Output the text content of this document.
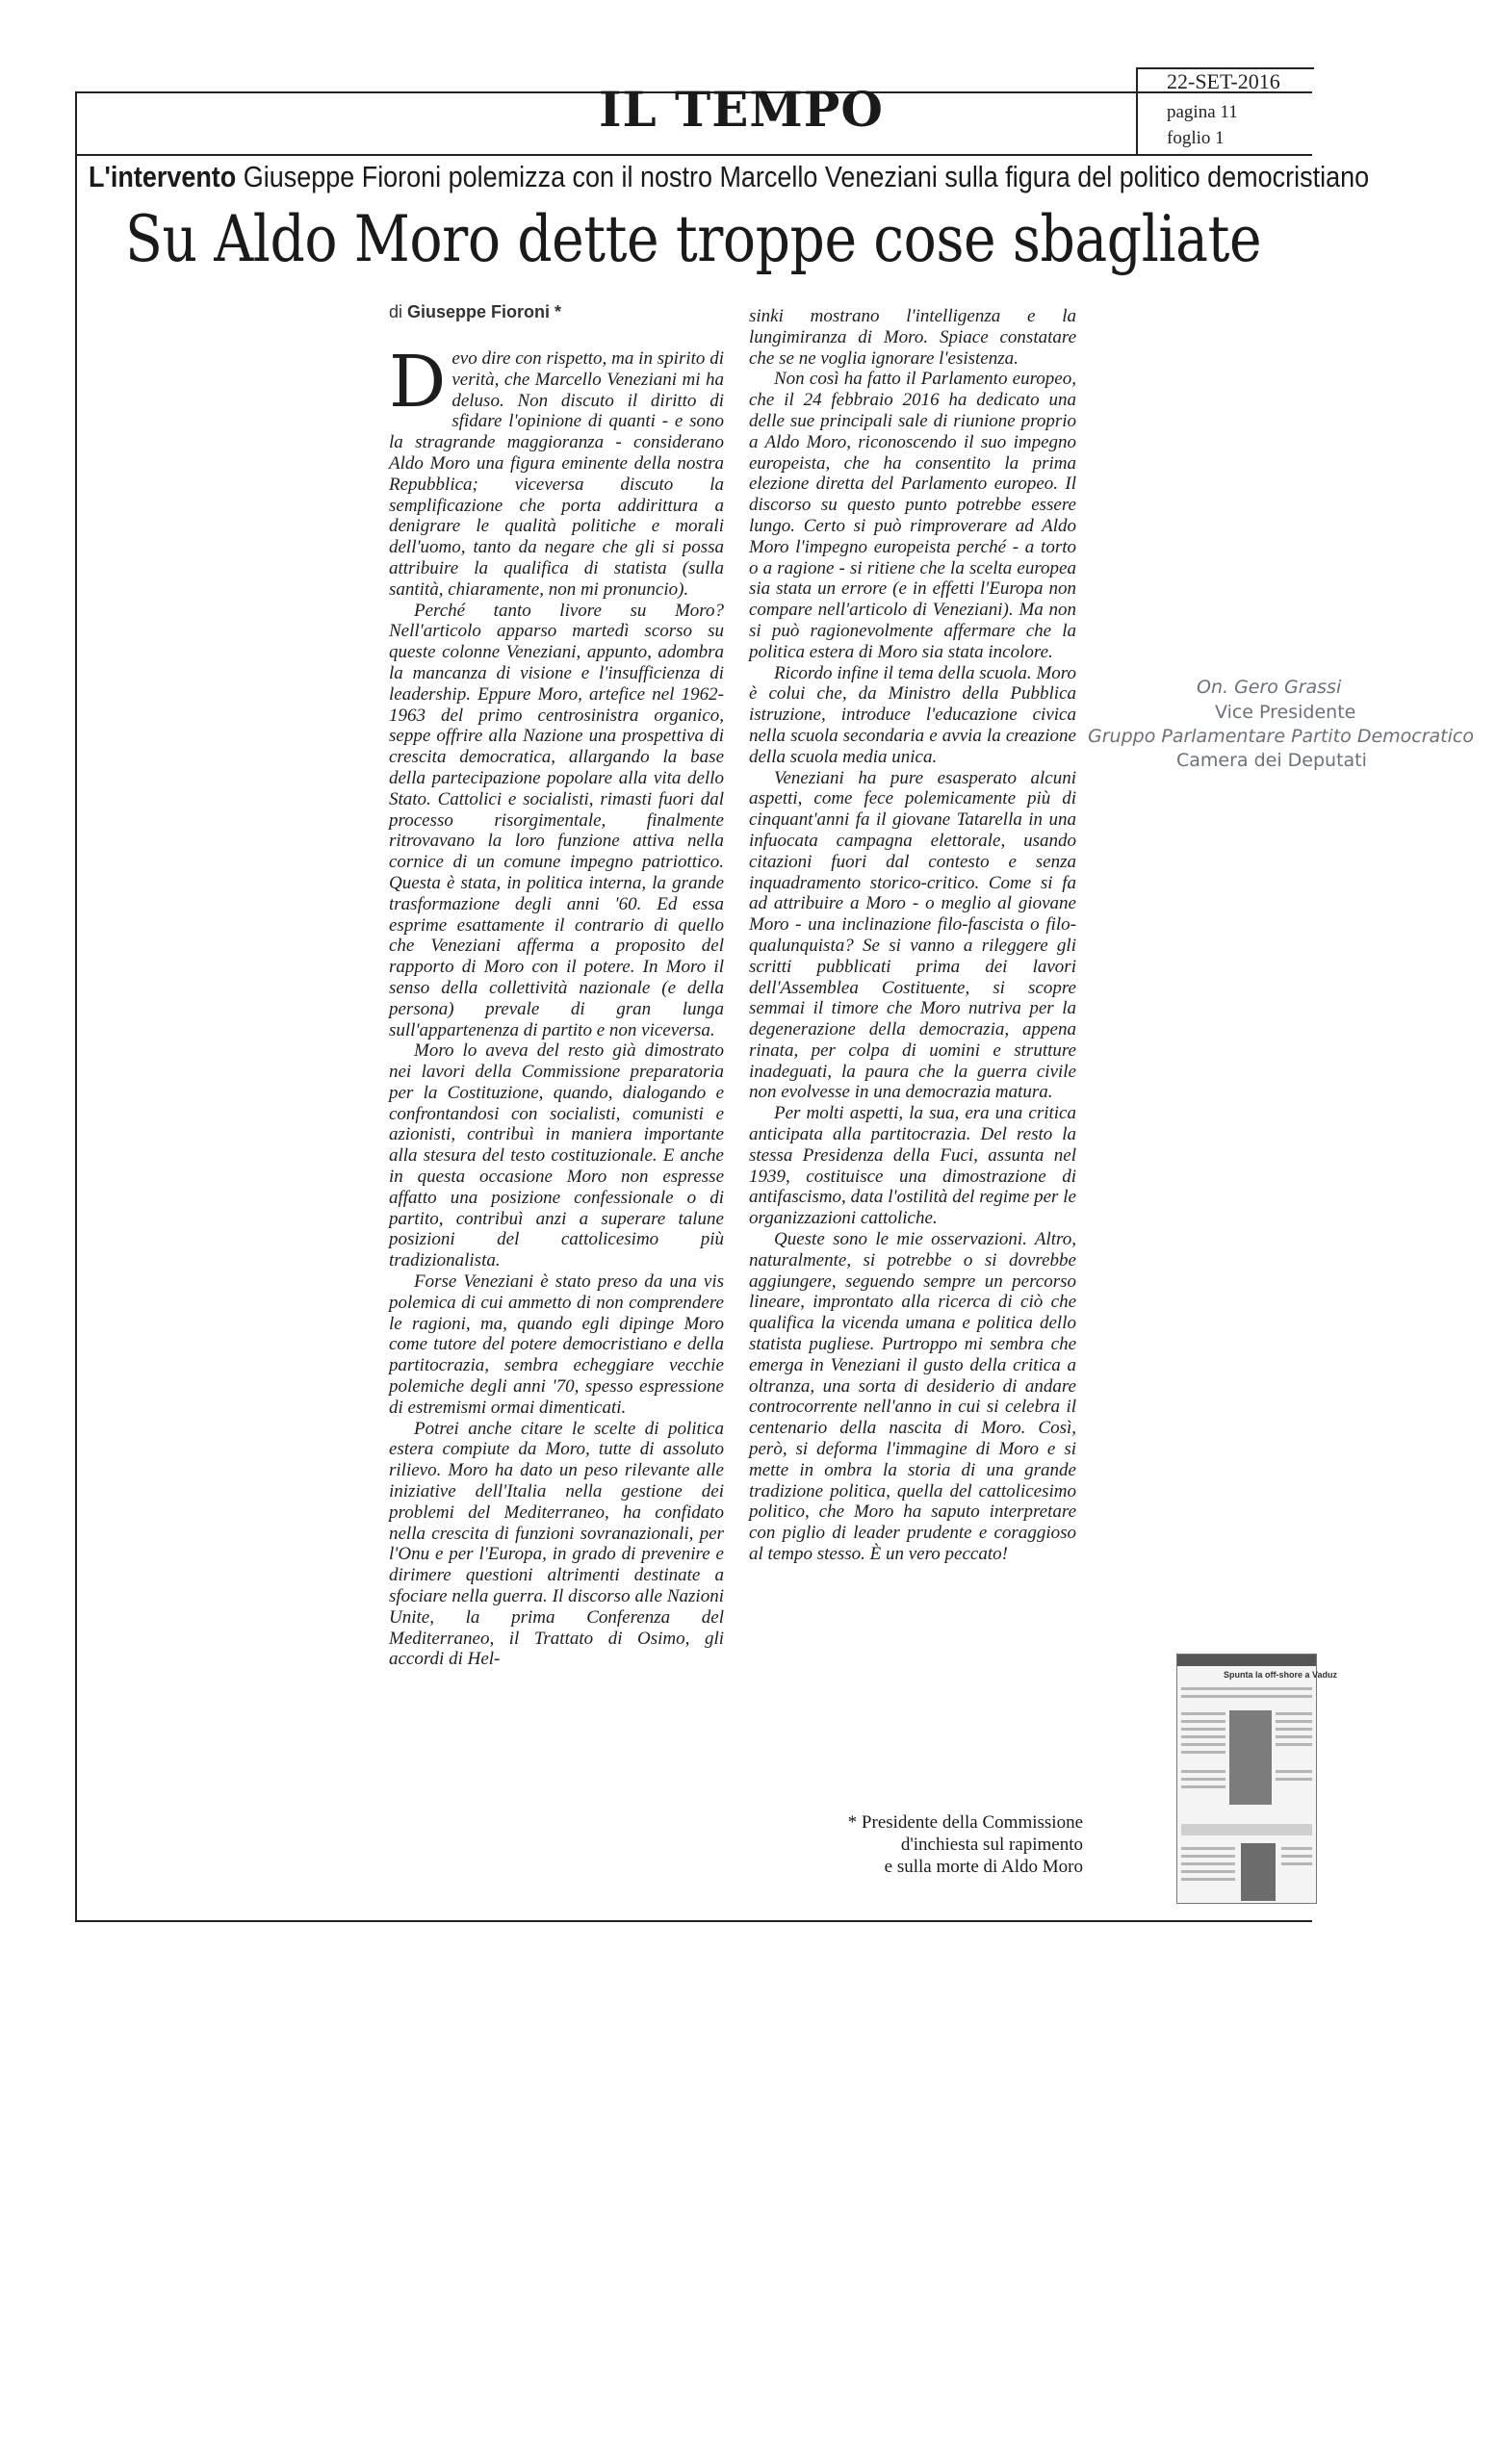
IL TEMPO	22-SET-2016
pagina 11
foglio 1
L'intervento Giuseppe Fioroni polemizza con il nostro Marcello Veneziani sulla figura del politico democristiano
Su Aldo Moro dette troppe cose sbagliate
di Giuseppe Fioroni *

Devo dire con rispetto, ma in spirito di verità, che Marcello Veneziani mi ha deluso. Non discuto il diritto di sfidare l'opinione di quanti - e sono la stragrande maggioranza - considerano Aldo Moro una figura eminente della nostra Repubblica; viceversa discuto la semplificazione che porta addirittura a denigrare le qualità politiche e morali dell'uomo, tanto da negare che gli si possa attribuire la qualifica di statista (sulla santità, chiaramente, non mi pronuncio).

Perché tanto livore su Moro? Nell'articolo apparso martedì scorso su queste colonne Veneziani, appunto, adombra la mancanza di visione e l'insufficienza di leadership. Eppure Moro, artefice nel 1962-1963 del primo centrosinistra organico, seppe offrire alla Nazione una prospettiva di crescita democratica, allargando la base della partecipazione popolare alla vita dello Stato. Cattolici e socialisti, rimasti fuori dal processo risorgimentale, finalmente ritrovavano la loro funzione attiva nella cornice di un comune impegno patriottico. Questa è stata, in politica interna, la grande trasformazione degli anni '60. Ed essa esprime esattamente il contrario di quello che Veneziani afferma a proposito del rapporto di Moro con il potere. In Moro il senso della collettività nazionale (e della persona) prevale di gran lunga sull'appartenenza di partito e non viceversa.

Moro lo aveva del resto già dimostrato nei lavori della Commissione preparatoria per la Costituzione, quando, dialogando e confrontandosi con socialisti, comunisti e azionisti, contribuì in maniera importante alla stesura del testo costituzionale. E anche in questa occasione Moro non espresse affatto una posizione confessionale o di partito, contribuì anzi a superare talune posizioni del cattolicesimo più tradizionalista.

Forse Veneziani è stato preso da una vis polemica di cui ammetto di non comprendere le ragioni, ma, quando egli dipinge Moro come tutore del potere democristiano e della partitocrazia, sembra echeggiare vecchie polemiche degli anni '70, spesso espressione di estremismi ormai dimenticati.

Potrei anche citare le scelte di politica estera compiute da Moro, tutte di assoluto rilievo. Moro ha dato un peso rilevante alle iniziative dell'Italia nella gestione dei problemi del Mediterraneo, ha confidato nella crescita di funzioni sovranazionali, per l'Onu e per l'Europa, in grado di prevenire e dirimere questioni altrimenti destinate a sfociare nella guerra. Il discorso alle Nazioni Unite, la prima Conferenza del Mediterraneo, il Trattato di Osimo, gli accordi di Hel-

sinki mostrano l'intelligenza e la lungimiranza di Moro. Spiace constatare che se ne voglia ignorare l'esistenza.

Non così ha fatto il Parlamento europeo, che il 24 febbraio 2016 ha dedicato una delle sue principali sale di riunione proprio a Aldo Moro, riconoscendo il suo impegno europeista, che ha consentito la prima elezione diretta del Parlamento europeo. Il discorso su questo punto potrebbe essere lungo. Certo si può rimproverare ad Aldo Moro l'impegno europeista perché - a torto o a ragione - si ritiene che la scelta europea sia stata un errore (e in effetti l'Europa non compare nell'articolo di Veneziani). Ma non si può ragionevolmente affermare che la politica estera di Moro sia stata incolore.

Ricordo infine il tema della scuola. Moro è colui che, da Ministro della Pubblica istruzione, introduce l'educazione civica nella scuola secondaria e avvia la creazione della scuola media unica.

Veneziani ha pure esasperato alcuni aspetti, come fece polemicamente più di cinquant'anni fa il giovane Tatarella in una infuocata campagna elettorale, usando citazioni fuori dal contesto e senza inquadramento storico-critico. Come si fa ad attribuire a Moro - o meglio al giovane Moro - una inclinazione filo-fascista o filo-qualunquista? Se si vanno a rileggere gli scritti pubblicati prima dei lavori dell'Assemblea Costituente, si scopre semmai il timore che Moro nutriva per la degenerazione della democrazia, appena rinata, per colpa di uomini e strutture inadeguati, la paura che la guerra civile non evolvesse in una democrazia matura.

Per molti aspetti, la sua, era una critica anticipata alla partitocrazia. Del resto la stessa Presidenza della Fuci, assunta nel 1939, costituisce una dimostrazione di antifascismo, data l'ostilità del regime per le organizzazioni cattoliche.

Queste sono le mie osservazioni. Altro, naturalmente, si potrebbe o si dovrebbe aggiungere, seguendo sempre un percorso lineare, improntato alla ricerca di ciò che qualifica la vicenda umana e politica dello statista pugliese. Purtroppo mi sembra che emerga in Veneziani il gusto della critica a oltranza, una sorta di desiderio di andare controcorrente nell'anno in cui si celebra il centenario della nascita di Moro. Così, però, si deforma l'immagine di Moro e si mette in ombra la storia di una grande tradizione politica, quella del cattolicesimo politico, che Moro ha saputo interpretare con piglio di leader prudente e coraggioso al tempo stesso. È un vero peccato!

* Presidente della Commissione
d'inchiesta sul rapimento
e sulla morte di Aldo Moro
On. Gero Grassi
Vice Presidente
Gruppo Parlamentare Partito Democratico
Camera dei Deputati
Spunta la off-shore a Vaduz
